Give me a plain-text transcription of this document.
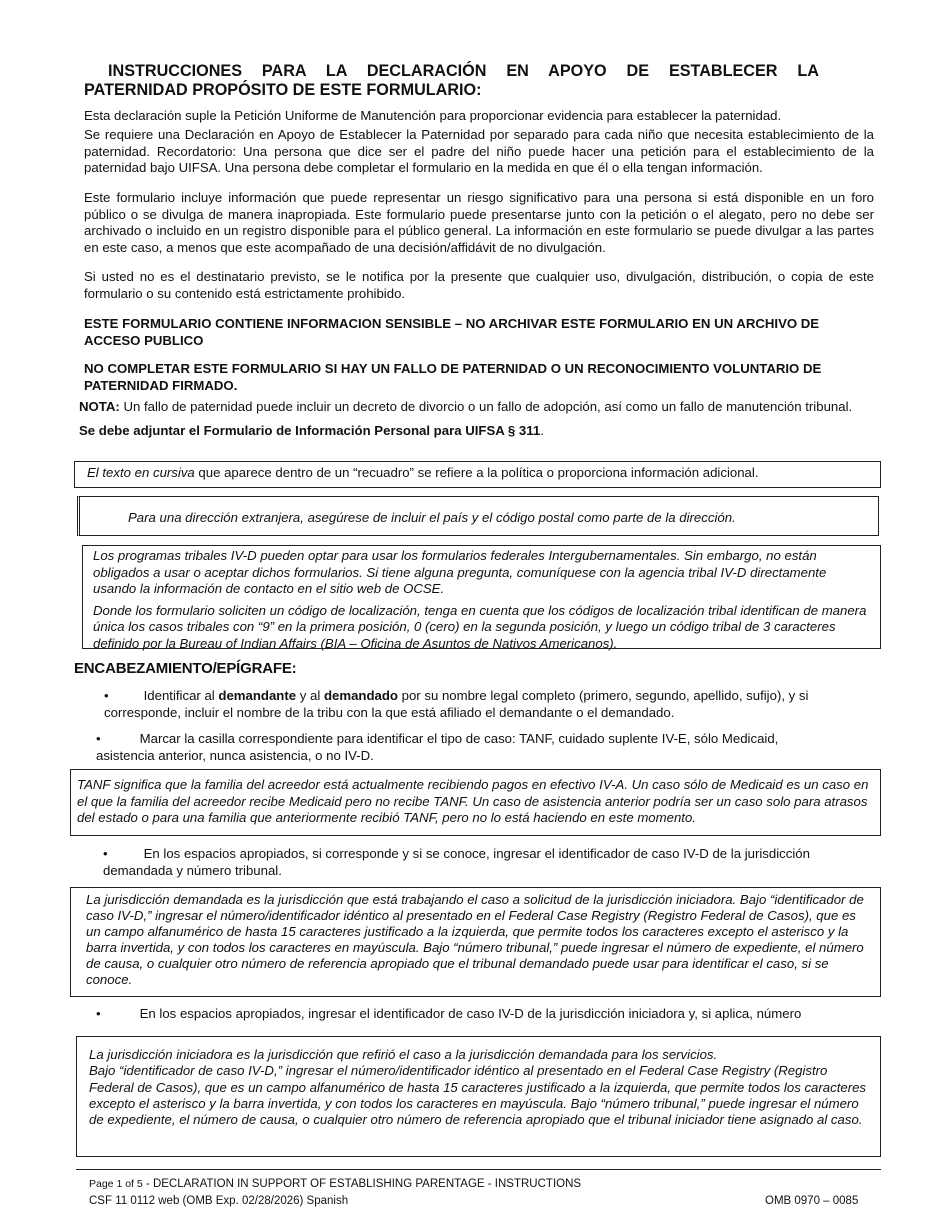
INSTRUCCIONES PARA LA DECLARACIÓN EN APOYO DE ESTABLECER LA
PATERNIDAD PROPÓSITO DE ESTE FORMULARIO:

Esta declaración suple la Petición Uniforme de Manutención para proporcionar evidencia para establecer la paternidad.

Se requiere una Declaración en Apoyo de Establecer la Paternidad por separado para cada niño que necesita establecimiento de la paternidad. Recordatorio: Una persona que dice ser el padre del niño puede hacer una petición para el establecimiento de la paternidad bajo UIFSA. Una persona debe completar el formulario en la medida en que él o ella tengan información.

Este formulario incluye información que puede representar un riesgo significativo para una persona si está disponible en un foro público o se divulga de manera inapropiada. Este formulario puede presentarse junto con la petición o el alegato, pero no debe ser archivado o incluido en un registro disponible para el público general. La información en este formulario se puede divulgar a las partes en este caso, a menos que este acompañado de una decisión/affidávit de no divulgación.

Si usted no es el destinatario previsto, se le notifica por la presente que cualquier uso, divulgación, distribución, o copia de este formulario o su contenido está estrictamente prohibido.

ESTE FORMULARIO CONTIENE INFORMACION SENSIBLE – NO ARCHIVAR ESTE FORMULARIO EN UN ARCHIVO DE ACCESO PUBLICO

NO COMPLETAR ESTE FORMULARIO SI HAY UN FALLO DE PATERNIDAD O UN RECONOCIMIENTO VOLUNTARIO DE PATERNIDAD FIRMADO.

NOTA: Un fallo de paternidad puede incluir un decreto de divorcio o un fallo de adopción, así como un fallo de manutención tribunal.
Se debe adjuntar el Formulario de Información Personal para UIFSA § 311.
El texto en cursiva que aparece dentro de un “recuadro” se refiere a la política o proporciona información adicional.
Para una dirección extranjera, asegúrese de incluir el país y el código postal como parte de la dirección.
Los programas tribales IV-D pueden optar para usar los formularios federales Intergubernamentales. Sin embargo, no están obligados a usar o aceptar dichos formularios. Si tiene alguna pregunta, comuníquese con la agencia tribal IV-D directamente usando la información de contacto en el sitio web de OCSE.
Donde los formulario soliciten un código de localización, tenga en cuenta que los códigos de localización tribal identifican de manera única los casos tribales con “9” en la primera posición, 0 (cero) en la segunda posición, y luego un código tribal de 3 caracteres definido por la Bureau of Indian Affairs (BIA – Oficina de Asuntos de Nativos Americanos).
ENCABEZAMIENTO/EPÍGRAFE:
•	Identificar al demandante y al demandado por su nombre legal completo (primero, segundo, apellido, sufijo), y si corresponde, incluir el nombre de la tribu con la que está afiliado el demandante o el demandado.
•	Marcar la casilla correspondiente para identificar el tipo de caso: TANF, cuidado suplente IV-E, sólo Medicaid, asistencia anterior, nunca asistencia, o no IV-D.
TANF significa que la familia del acreedor está actualmente recibiendo pagos en efectivo IV-A. Un caso sólo de Medicaid es un caso en el que la familia del acreedor recibe Medicaid pero no recibe TANF. Un caso de asistencia anterior podría ser un caso solo para atrasos del estado o para una familia que anteriormente recibió TANF, pero no lo está haciendo en este momento.
•	En los espacios apropiados, si corresponde y si se conoce, ingresar el identificador de caso IV-D de la jurisdicción demandada y número tribunal.
La jurisdicción demandada es la jurisdicción que está trabajando el caso a solicitud de la jurisdicción iniciadora. Bajo “identificador de caso IV-D,” ingresar el número/identificador idéntico al presentado en el Federal Case Registry (Registro Federal de Casos), que es un campo alfanumérico de hasta 15 caracteres justificado a la izquierda, que permite todos los caracteres excepto el asterisco y la barra invertida, y con todos los caracteres en mayúscula. Bajo “número tribunal,” puede ingresar el número de expediente, el número de causa, o cualquier otro número de referencia apropiado que el tribunal demandado puede usar para identificar el caso, si se conoce.
•	En los espacios apropiados, ingresar el identificador de caso IV-D de la jurisdicción iniciadora y, si aplica, número
La jurisdicción iniciadora es la jurisdicción que refirió el caso a la jurisdicción demandada para los servicios.
Bajo “identificador de caso IV-D,” ingresar el número/identificador idéntico al presentado en el Federal Case Registry (Registro Federal de Casos), que es un campo alfanumérico de hasta 15 caracteres justificado a la izquierda, que permite todos los caracteres excepto el asterisco y la barra invertida, y con todos los caracteres en mayúscula. Bajo “número tribunal,” puede ingresar el número de expediente, el número de causa, o cualquier otro número de referencia apropiado que el tribunal iniciador tiene asignado al caso.
Page 1 of 5 - DECLARATION IN SUPPORT OF ESTABLISHING PARENTAGE - INSTRUCTIONS
CSF 11 0112 web (OMB Exp. 02/28/2026) Spanish	OMB 0970 – 0085
